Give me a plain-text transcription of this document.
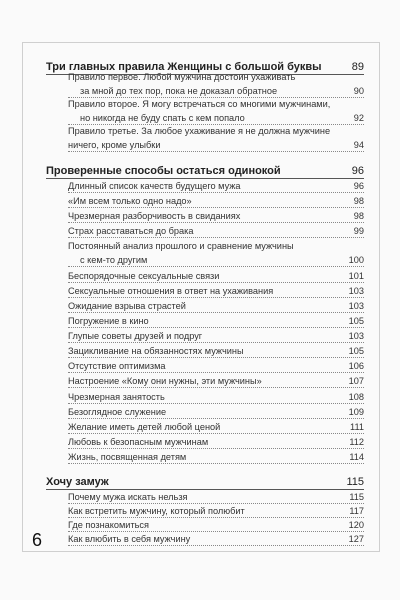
Три главных правила Женщины с большой буквы	89
Правило первое. Любой мужчина достоин ухаживать
за мной до тех пор, пока не доказал обратное	90
Правило второе. Я могу встречаться со многими мужчинами,
но никогда не буду спать с кем попало	92
Правило третье. За любое ухаживание я не должна мужчине
ничего, кроме улыбки	94
Проверенные способы остаться одинокой	96
Длинный список качеств будущего мужа	96
«Им всем только одно надо»	98
Чрезмерная разборчивость в свиданиях	98
Страх расставаться до брака	99
Постоянный анализ прошлого и сравнение мужчины
с кем-то другим	100
Беспорядочные сексуальные связи	101
Сексуальные отношения в ответ на ухаживания	103
Ожидание взрыва страстей	103
Погружение в кино	105
Глупые советы друзей и подруг	103
Зацикливание на обязанностях мужчины	105
Отсутствие оптимизма	106
Настроение «Кому они нужны, эти мужчины»	107
Чрезмерная занятость	108
Безоглядное служение	109
Желание иметь детей любой ценой	111
Любовь к безопасным мужчинам	112
Жизнь, посвященная детям	114
Хочу замуж	115
Почему мужа искать нельзя	115
Как встретить мужчину, который полюбит	117
Где познакомиться	120
Как влюбить в себя мужчину	127
6
